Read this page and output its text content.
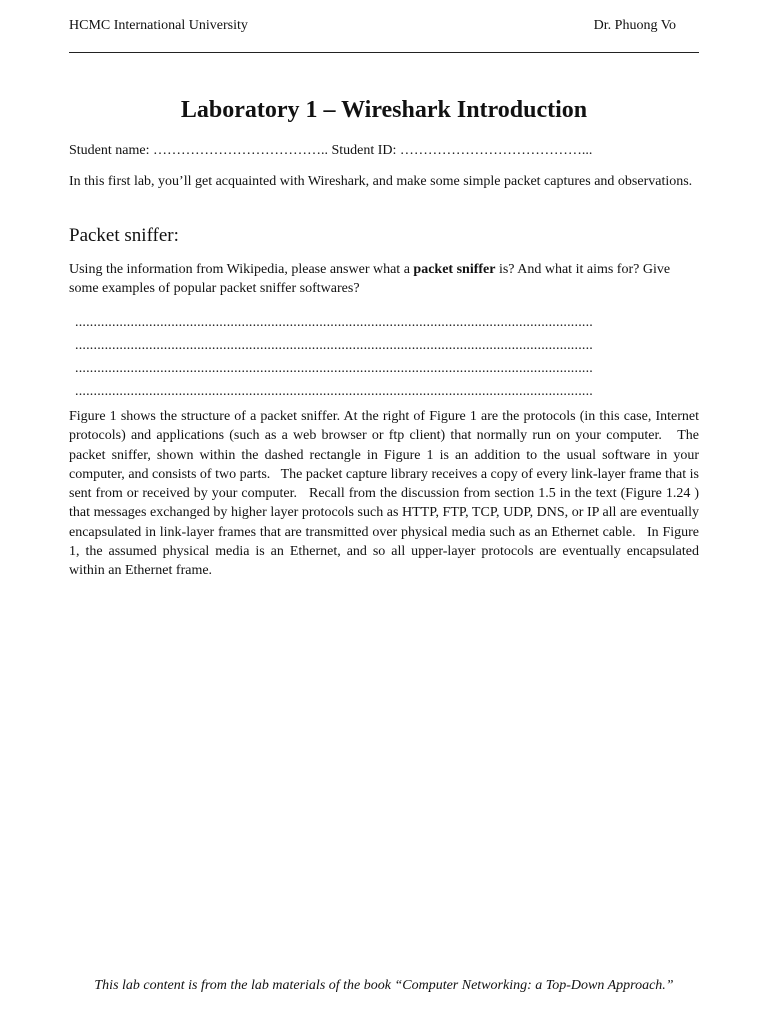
HCMC International University	Dr. Phuong Vo
Laboratory 1 – Wireshark Introduction
Student name: ……………………………….. Student ID: …………………………………...
In this first lab, you’ll get acquainted with Wireshark, and make some simple packet captures and observations.
Packet sniffer:
Using the information from Wikipedia, please answer what a packet sniffer is? And what it aims for? Give some examples of popular packet sniffer softwares?
............................................................................................................................................
............................................................................................................................................
............................................................................................................................................
............................................................................................................................................
Figure 1 shows the structure of a packet sniffer. At the right of Figure 1 are the protocols (in this case, Internet protocols) and applications (such as a web browser or ftp client) that normally run on your computer.   The packet sniffer, shown within the dashed rectangle in Figure 1 is an addition to the usual software in your computer, and consists of two parts.   The packet capture library receives a copy of every link-layer frame that is sent from or received by your computer.   Recall from the discussion from section 1.5 in the text (Figure 1.24 ) that messages exchanged by higher layer protocols such as HTTP, FTP, TCP, UDP, DNS, or IP all are eventually encapsulated in link-layer frames that are transmitted over physical media such as an Ethernet cable.   In Figure 1, the assumed physical media is an Ethernet, and so all upper-layer protocols are eventually encapsulated within an Ethernet frame.
This lab content is from the lab materials of the book “Computer Networking: a Top-Down Approach.”
